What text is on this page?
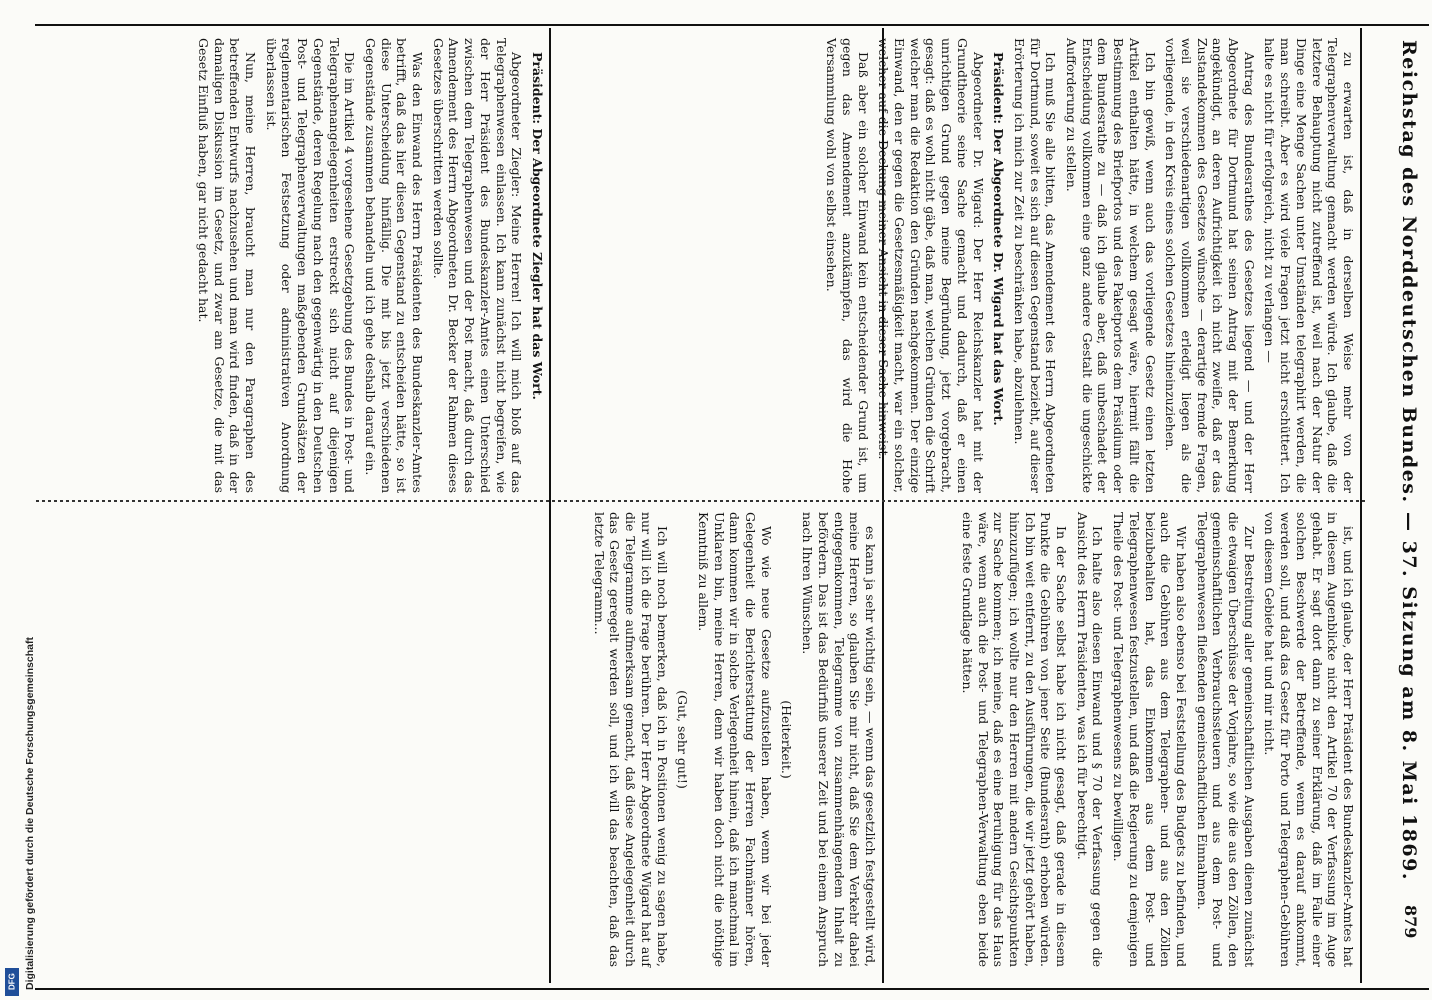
Reichstag des Norddeutschen Bundes.
— 37. Sitzung am 8. Mai 1869.
879

zu erwarten ist, daß in derselben Weise mehr von der Telegraphenverwaltung gemacht werden würde. Ich glaube, daß die letztere Behauptung nicht zutreffend ist, weil nach der Natur der Dinge eine Menge Sachen unter Umständen telegraphirt werden, die man schreibt. Aber es wird viele Fragen jetzt nicht erschüttert. Ich halte es nicht für erfolgreich, nicht zu verlangen —

Antrag des Bundesrathes des Gesetzes liegend — und der Herr Abgeordnete für Dortmund hat seinen Antrag mit der Bemerkung angekündigt, an deren Aufrichtigkeit ich nicht zweifle, daß er das Zustandekommen des Gesetzes wünsche — derartige fremde Fragen, weil sie verschiedenartigen vollkommen erledigt liegen als die vorliegende, in den Kreis eines solchen Gesetzes hineinzuziehen.

Ich bin gewiß, wenn auch das vorliegende Gesetz einen letzten Artikel enthalten hätte, in welchem gesagt wäre, hiermit fällt die Bestimmung des Briefportos und des Paketportos dem Präsidium oder dem Bundesrathe zu — daß ich glaube aber, daß unbeschadet der Entscheidung vollkommen eine ganz andere Gestalt die ungeschickte Aufforderung zu stellen.

Ich muß Sie alle bitten, das Amendement des Herrn Abgeordneten für Dortmund, soweit es sich auf diesen Gegenstand bezieht, auf dieser Erörterung ich mich zur Zeit zu beschränken habe, abzulehnen.

Präsident: Der Abgeordnete Dr. Wigard hat das Wort.

Abgeordneter Dr. Wigard: Der Herr Reichskanzler hat mit der Grundtheorie seine Sache gemacht und dadurch, daß er einen unrichtigen Grund gegen meine Begründung, jetzt vorgebracht, gesagt: daß es wohl nicht gäbe, daß man, welchen Gründen die Schrift welcher man die Redaktion den Gründen nachgekommen. Der einzige Einwand, den er gegen die Gesetzesmäßigkeit macht, war ein solcher, welcher auf die Deckung meiner Ansicht in dieser Sache hinweist.

Daß aber ein solcher Einwand kein entscheidender Grund ist, um gegen das Amendement anzukämpfen, das wird die Hohe Versammlung wohl von selbst einsehen.

Präsident: Der Abgeordnete Ziegler hat das Wort.

Abgeordneter Ziegler: Meine Herren! Ich will mich bloß auf das Telegraphenwesen einlassen. Ich kann zunächst nicht begreifen, wie der Herr Präsident des Bundeskanzler-Amtes einen Unterschied zwischen dem Telegraphenwesen und der Post macht, daß durch das Amendement des Herrn Abgeordneten Dr. Becker der Rahmen dieses Gesetzes überschritten werden sollte.

Was den Einwand des Herrn Präsidenten des Bundeskanzler-Amtes betrifft, daß das hier diesen Gegenstand zu entscheiden hätte, so ist diese Unterscheidung hinfällig. Die mit bis jetzt verschiedenen Gegenstände zusammen behandeln und ich gehe deshalb darauf ein.

Die im Artikel 4 vorgesehene Gesetzgebung des Bundes in Post- und Telegraphenangelegenheiten erstreckt sich nicht auf diejenigen Gegenstände, deren Regelung nach den gegenwärtig in den Deutschen Post- und Telegraphenverwaltungen maßgebenden Grundsätzen der reglementarischen Festsetzung oder administrativen Anordnung überlassen ist.

Nun, meine Herren, braucht man nur den Paragraphen des betreffenden Entwurfs nachzusehen und man wird finden, daß in der damaligen Diskussion im Gesetz, und zwar am Gesetze, die mit das Gesetz Einfluß haben, gar nicht gedacht hat.

ist, und ich glaube, der Herr Präsident des Bundeskanzler-Amtes hat in diesem Augenblicke nicht den Artikel 70 der Verfassung im Auge gehabt. Er sagt dort dann zu seiner Erklärung, daß im Falle einer solchen Beschwerde der Betreffende, wenn es darauf ankommt, werden soll, und daß das Gesetz für Porto und Telegraphen-Gebühren von diesem Gebiete hat und mir nicht.

Zur Bestreitung aller gemeinschaftlichen Ausgaben dienen zunächst die etwaigen Überschüsse der Vorjahre, so wie die aus den Zöllen, den gemeinschaftlichen Verbrauchssteuern und aus dem Post- und Telegraphenwesen fließenden gemeinschaftlichen Einnahmen.

Wir haben also ebenso bei Feststellung des Budgets zu befinden, und auch die Gebühren aus dem Telegraphen- und aus den Zöllen beizubehalten hat, das Einkommen aus dem Post- und Telegraphenwesen festzustellen, und daß die Regierung zu demjenigen Theile des Post- und Telegraphenwesens zu bewilligen.

Ich halte also diesen Einwand und § 70 der Verfassung gegen die Ansicht des Herrn Präsidenten, was ich für berechtigt.

In der Sache selbst habe ich nicht gesagt, daß gerade in diesem Punkte die Gebühren von jener Seite (Bundesrath) erhoben würden. Ich bin weit entfernt, zu den Ausführungen, die wir jetzt gehört haben, hinzuzufügen; ich wollte nur den Herren mit andern Gesichtspunkten zur Sache kommen; ich meine, daß es eine Beruhigung für das Haus wäre, wenn auch die Post- und Telegraphen-Verwaltung eben beide eine feste Grundlage hätten.

es kann ja sehr wichtig sein, — wenn das gesetzlich festgestellt wird, meine Herren, so glauben Sie mir nicht, daß Sie dem Verkehr dabei entgegenkommen, Telegramme von zusammenhängendem Inhalt zu befördern. Das ist das Bedürfniß unserer Zeit und bei einem Anspruch nach Ihren Wünschen.

(Heiterkeit.)

Wo wie neue Gesetze aufzustellen haben, wenn wir bei jeder Gelegenheit die Berichterstattung der Herren Fachmänner hören, dann kommen wir in solche Verlegenheit hinein, daß ich manchmal im Unklaren bin, meine Herren, denn wir haben doch nicht die nöthige Kenntniß zu allem.

(Gut, sehr gut!)

Ich will noch bemerken, daß ich in Positionen wenig zu sagen habe, nur will ich die Frage berühren. Der Herr Abgeordnete Wigard hat auf die Telegramme aufmerksam gemacht, daß diese Angelegenheit durch das Gesetz geregelt werden soll, und ich will das beachten, daß das letzte Telegramm...

Digitalisierung gefördert durch die Deutsche Forschungsgemeinschaft
DFG
